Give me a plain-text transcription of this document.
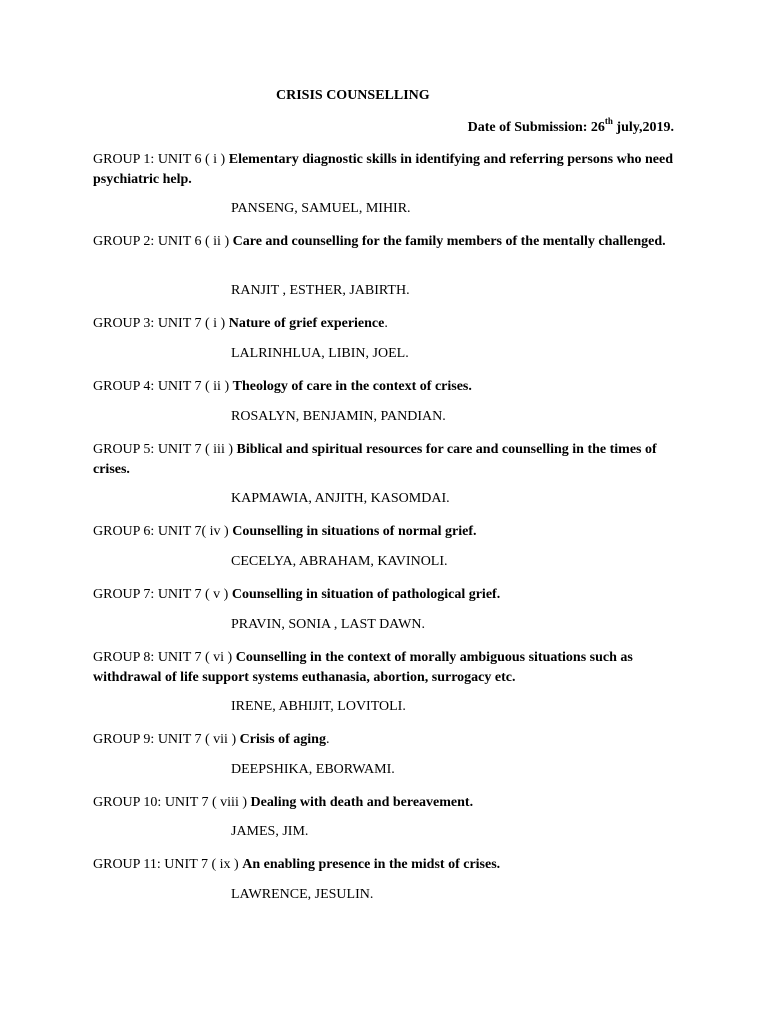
CRISIS COUNSELLING
Date of Submission: 26th july,2019.
GROUP 1: UNIT 6 ( i ) Elementary diagnostic skills in identifying and referring persons who need psychiatric help.
PANSENG, SAMUEL, MIHIR.
GROUP 2: UNIT 6 ( ii ) Care and counselling for the family members of the mentally challenged.
RANJIT , ESTHER, JABIRTH.
GROUP 3: UNIT 7 ( i ) Nature of grief experience.
LALRINHLUA, LIBIN, JOEL.
GROUP 4: UNIT 7 ( ii ) Theology of care in the context of crises.
ROSALYN, BENJAMIN, PANDIAN.
GROUP 5: UNIT 7 ( iii ) Biblical and spiritual resources for care and counselling in the times of crises.
KAPMAWIA, ANJITH, KASOMDAI.
GROUP 6: UNIT 7( iv ) Counselling in situations of normal grief.
CECELYA, ABRAHAM, KAVINOLI.
GROUP 7: UNIT 7 ( v ) Counselling in situation of pathological grief.
PRAVIN, SONIA , LAST DAWN.
GROUP 8: UNIT 7 ( vi ) Counselling in the context of morally ambiguous situations such as withdrawal of life support systems euthanasia, abortion, surrogacy etc.
IRENE, ABHIJIT, LOVITOLI.
GROUP 9: UNIT 7 ( vii ) Crisis of aging.
DEEPSHIKA, EBORWAMI.
GROUP 10: UNIT 7 ( viii ) Dealing with death and bereavement.
JAMES, JIM.
GROUP 11: UNIT 7 ( ix ) An enabling presence in the midst of crises.
LAWRENCE, JESULIN.
